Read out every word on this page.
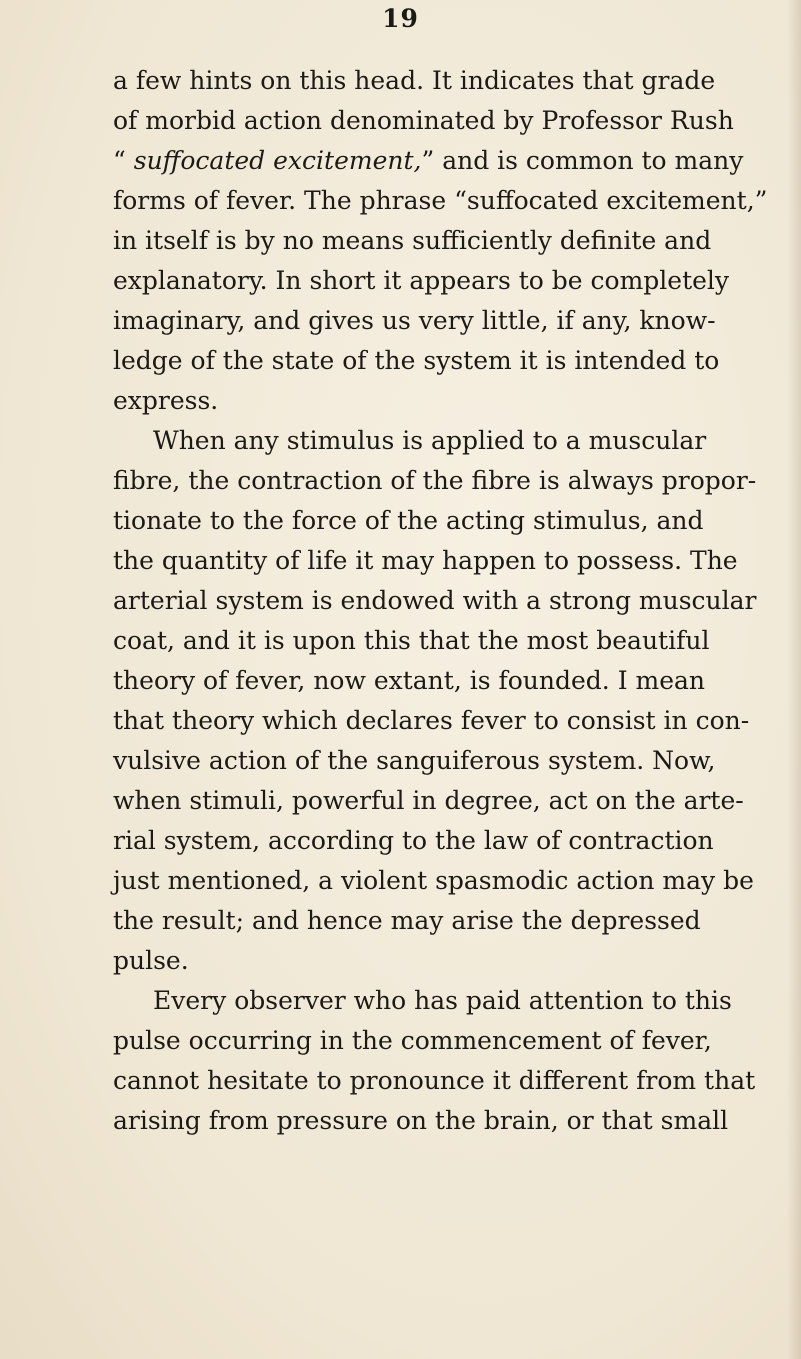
19
a few hints on this head. It indicates that grade
of morbid action denominated by Professor Rush
“ suffocated excitement,” and is common to many
forms of fever. The phrase “suffocated excitement,”
in itself is by no means sufficiently definite and
explanatory. In short it appears to be completely
imaginary, and gives us very little, if any, know-
ledge of the state of the system it is intended to
express.
When any stimulus is applied to a muscular
fibre, the contraction of the fibre is always propor-
tionate to the force of the acting stimulus, and
the quantity of life it may happen to possess. The
arterial system is endowed with a strong muscular
coat, and it is upon this that the most beautiful
theory of fever, now extant, is founded. I mean
that theory which declares fever to consist in con-
vulsive action of the sanguiferous system. Now,
when stimuli, powerful in degree, act on the arte-
rial system, according to the law of contraction
just mentioned, a violent spasmodic action may be
the result; and hence may arise the depressed
pulse.
Every observer who has paid attention to this
pulse occurring in the commencement of fever,
cannot hesitate to pronounce it different from that
arising from pressure on the brain, or that small
